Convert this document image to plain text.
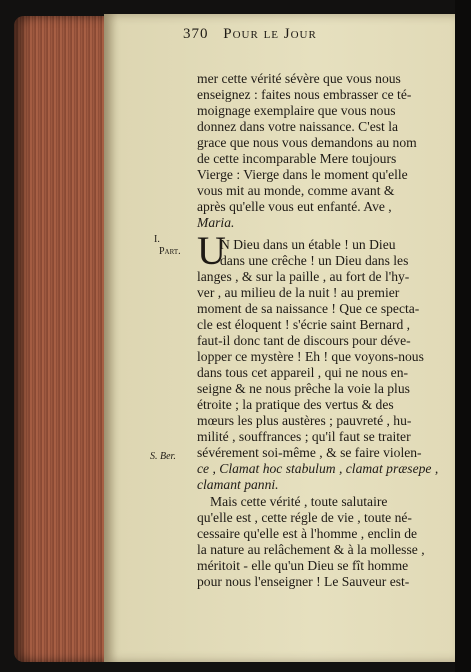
370 Pour le Jour
mer cette vérité sévère que vous nous
enseignez : faites nous embrasser ce té-
moignage exemplaire que vous nous
donnez dans votre naissance. C'est la
grace que nous vous demandons au nom
de cette incomparable Mere toujours
Vierge : Vierge dans le moment qu'elle
vous mit au monde, comme avant &
après qu'elle vous eut enfanté. Ave ,
Maria.
I.
Part. U
N Dieu dans un étable ! un Dieu
dans une crêche ! un Dieu dans les
langes , & sur la paille , au fort de l'hy-
ver , au milieu de la nuit ! au premier
moment de sa naissance ! Que ce specta-
cle est éloquent ! s'écrie saint Bernard ,
faut-il donc tant de discours pour déve-
lopper ce mystère ! Eh ! que voyons-nous
dans tous cet appareil , qui ne nous en-
seigne & ne nous prêche la voie la plus
étroite ; la pratique des vertus & des
mœurs les plus austères ; pauvreté , hu-
milité , souffrances ; qu'il faut se traiter
sévérement soi-même , & se faire violen-
ce , Clamat hoc stabulum , clamat præsepe ,
clamant panni.
S. Ber.
Mais cette vérité , toute salutaire
qu'elle est , cette régle de vie , toute né-
cessaire qu'elle est à l'homme , enclin de
la nature au relâchement & à la mollesse ,
méritoit - elle qu'un Dieu se fît homme
pour nous l'enseigner ! Le Sauveur est-
